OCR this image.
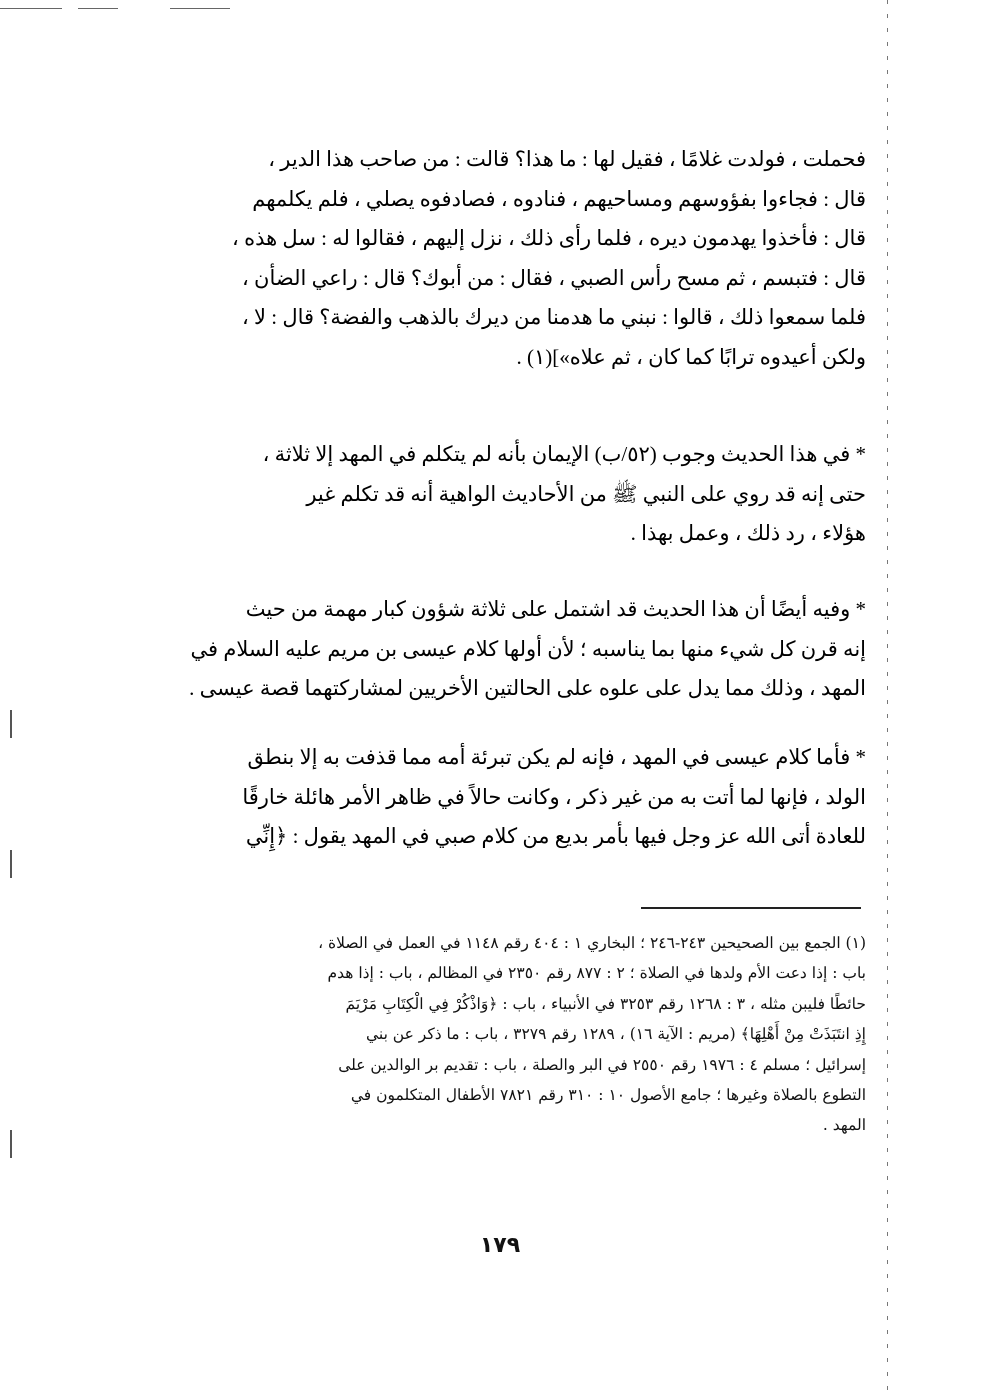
فحملت ، فولدت غلامًا ، فقيل لها : ما هذا؟ قالت : من صاحب هذا الدير ،
قال : فجاءوا بفؤوسهم ومساحيهم ، فنادوه ، فصادفوه يصلي ، فلم يكلمهم
قال : فأخذوا يهدمون ديره ، فلما رأى ذلك ، نزل إليهم ، فقالوا له : سل هذه ،
قال : فتبسم ، ثم مسح رأس الصبي ، فقال : من أبوك؟ قال : راعي الضأن ،
فلما سمعوا ذلك ، قالوا : نبني ما هدمنا من ديرك بالذهب والفضة؟ قال : لا ،
ولكن أعيدوه ترابًا كما كان ، ثم علاه»](١) .
* في هذا الحديث وجوب (٥٢/ب) الإيمان بأنه لم يتكلم في المهد إلا ثلاثة ،
حتى إنه قد روي على النبي ﷺ من الأحاديث الواهية أنه قد تكلم غير
هؤلاء ، رد ذلك ، وعمل بهذا .
* وفيه أيضًا أن هذا الحديث قد اشتمل على ثلاثة شؤون كبار مهمة من حيث
إنه قرن كل شيء منها بما يناسبه ؛ لأن أولها كلام عيسى بن مريم عليه السلام في
المهد ، وذلك مما يدل على علوه على الحالتين الأخريين لمشاركتهما قصة عيسى .
* فأما كلام عيسى في المهد ، فإنه لم يكن تبرئة أمه مما قذفت به إلا بنطق
الولد ، فإنها لما أتت به من غير ذكر ، وكانت حالاً في ظاهر الأمر هائلة خارقًا
للعادة أتى الله عز وجل فيها بأمر بديع من كلام صبي في المهد يقول : ﴿إِنِّي
(١) الجمع بين الصحيحين ٢٤٣-٢٤٦ ؛ البخاري ١ : ٤٠٤ رقم ١١٤٨ في العمل في الصلاة ،
باب : إذا دعت الأم ولدها في الصلاة ؛ ٢ : ٨٧٧ رقم ٢٣٥٠ في المظالم ، باب : إذا هدم
حائطًا فليبن مثله ، ٣ : ١٢٦٨ رقم ٣٢٥٣ في الأنبياء ، باب : ﴿وَاذْكُرْ فِي الْكِتَابِ مَرْيَمَ
إِذِ انتَبَذَتْ مِنْ أَهْلِهَا﴾ (مريم : الآية ١٦) ، ١٢٨٩ رقم ٣٢٧٩ ، باب : ما ذكر عن بني
إسرائيل ؛ مسلم ٤ : ١٩٧٦ رقم ٢٥٥٠ في البر والصلة ، باب : تقديم بر الوالدين على
التطوع بالصلاة وغيرها ؛ جامع الأصول ١٠ : ٣١٠ رقم ٧٨٢١ الأطفال المتكلمون في
المهد .
١٧٩
